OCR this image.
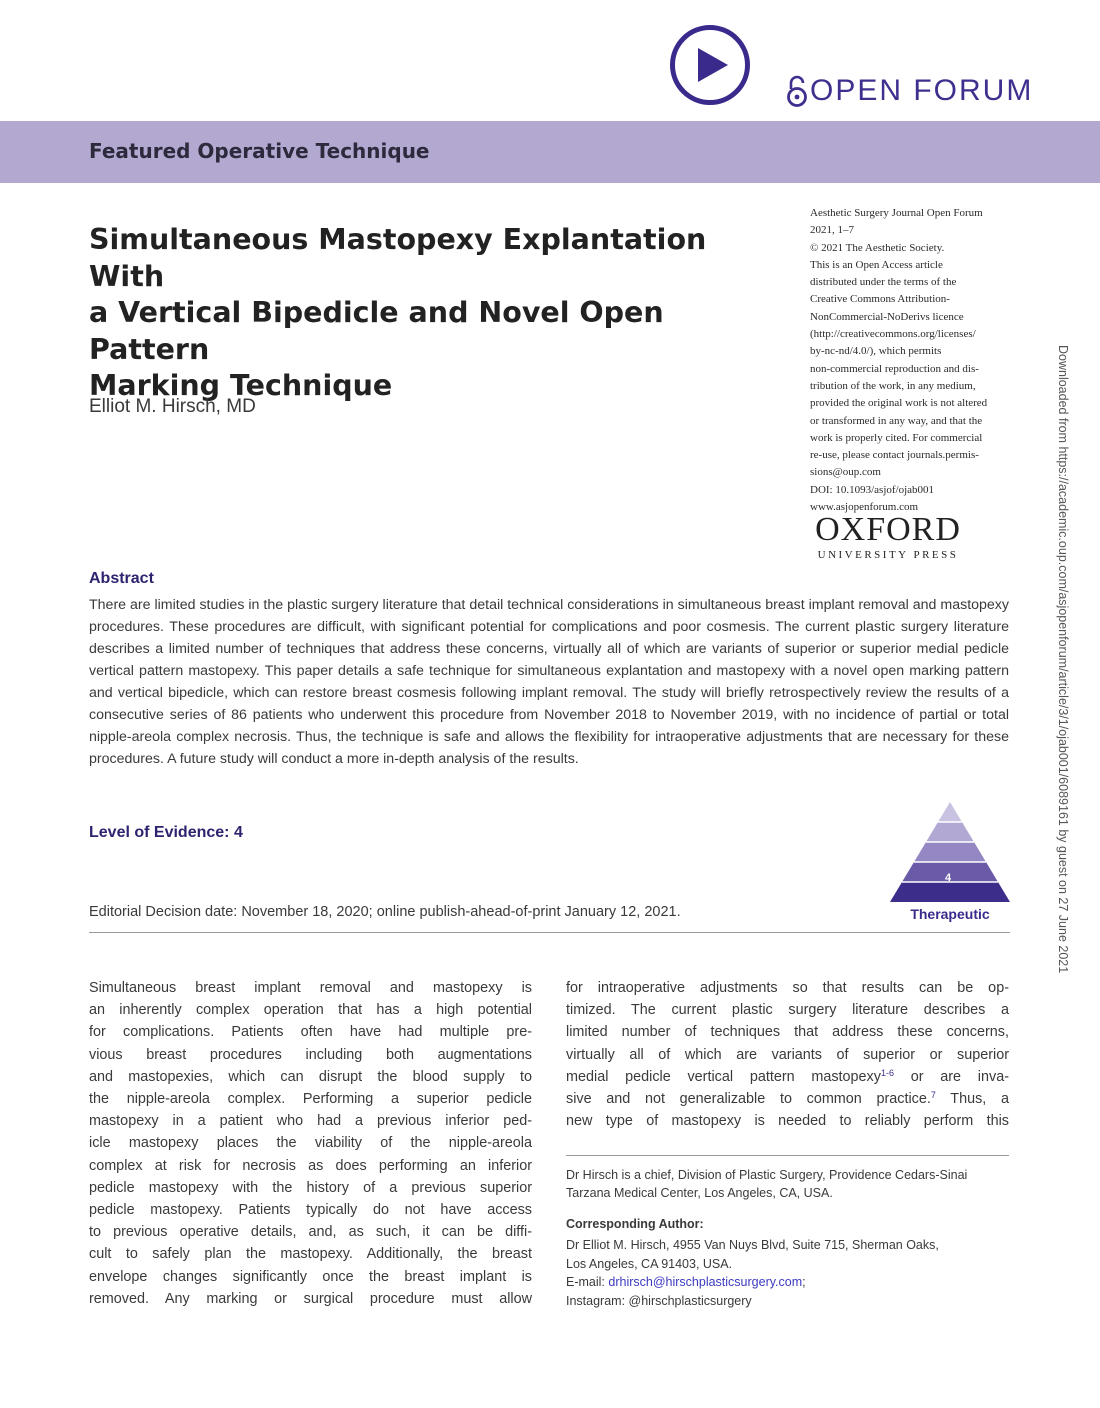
OPEN FORUM
Featured Operative Technique
Simultaneous Mastopexy Explantation With
a Vertical Bipedicle and Novel Open Pattern
Marking Technique
Elliot M. Hirsch, MD
Aesthetic Surgery Journal Open Forum
2021, 1–7
© 2021 The Aesthetic Society.
This is an Open Access article
distributed under the terms of the
Creative Commons Attribution-
NonCommercial-NoDerivs licence
(http://creativecommons.org/licenses/
by-nc-nd/4.0/), which permits
non-commercial reproduction and dis-
tribution of the work, in any medium,
provided the original work is not altered
or transformed in any way, and that the
work is properly cited. For commercial
re-use, please contact journals.permis-
sions@oup.com
DOI: 10.1093/asjof/ojab001
www.asjopenforum.com
OXFORD
UNIVERSITY PRESS	Downloaded from https://academic.oup.com/asjopenforum/article/3/1/ojab001/6089161 by guest on 27 June 2021
Abstract
There are limited studies in the plastic surgery literature that detail technical considerations in simultaneous breast implant removal and mastopexy procedures. These procedures are difficult, with significant potential for complications and poor cosmesis. The current plastic surgery literature describes a limited number of techniques that address these concerns, virtually all of which are variants of superior or superior medial pedicle vertical pattern mastopexy. This paper details a safe technique for simultaneous explantation and mastopexy with a novel open marking pattern and vertical bipedicle, which can restore breast cosmesis following implant removal. The study will briefly retrospectively review the results of a consecutive series of 86 patients who underwent this procedure from November 2018 to November 2019, with no incidence of partial or total nipple-areola complex necrosis. Thus, the technique is safe and allows the flexibility for intraoperative adjustments that are necessary for these procedures. A future study will conduct a more in-depth analysis of the results.
Level of Evidence: 4
4
Therapeutic
Editorial Decision date: November 18, 2020; online publish-ahead-of-print January 12, 2021.
Simultaneous breast implant removal and mastopexy is
an inherently complex operation that has a high potential
for complications. Patients often have had multiple pre-
vious breast procedures including both augmentations
and mastopexies, which can disrupt the blood supply to
the nipple-areola complex. Performing a superior pedicle
mastopexy in a patient who had a previous inferior ped-
icle mastopexy places the viability of the nipple-areola
complex at risk for necrosis as does performing an inferior
pedicle mastopexy with the history of a previous superior
pedicle mastopexy. Patients typically do not have access
to previous operative details, and, as such, it can be diffi-
cult to safely plan the mastopexy. Additionally, the breast
envelope changes significantly once the breast implant is
removed. Any marking or surgical procedure must allow
for intraoperative adjustments so that results can be op-
timized. The current plastic surgery literature describes a
limited number of techniques that address these concerns,
virtually all of which are variants of superior or superior
medial pedicle vertical pattern mastopexy$^{1-6}$ or are inva-
sive and not generalizable to common practice.$^7$ Thus, a
new type of mastopexy is needed to reliably perform this
Dr Hirsch is a chief, Division of Plastic Surgery, Providence Cedars-Sinai Tarzana Medical Center, Los Angeles, CA, USA.
Corresponding Author:
Dr Elliot M. Hirsch, 4955 Van Nuys Blvd, Suite 715, Sherman Oaks,
Los Angeles, CA 91403, USA.
E-mail: drhirsch@hirschplasticsurgery.com;
Instagram: @hirschplasticsurgery
